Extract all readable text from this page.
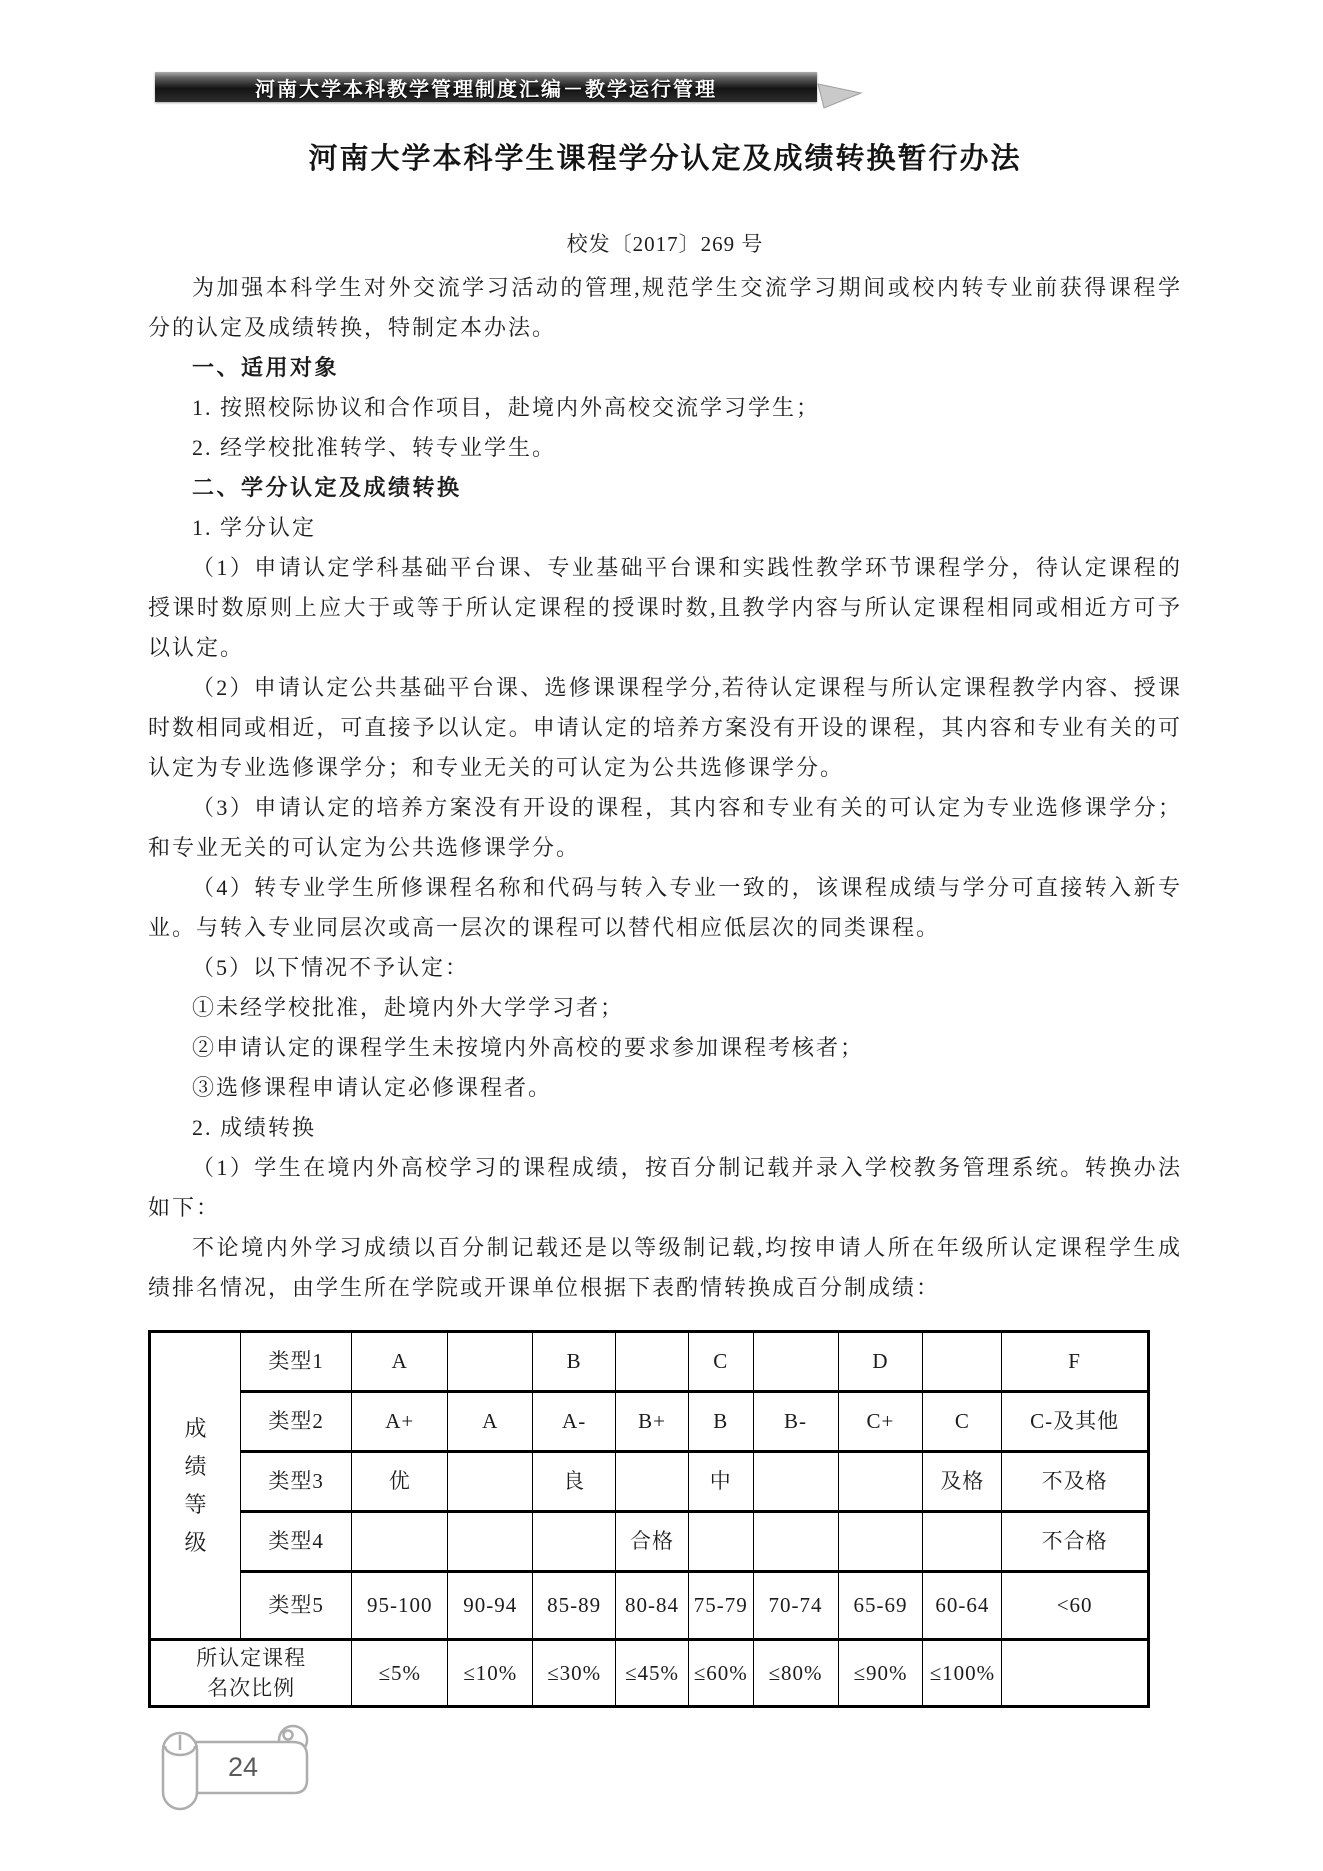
河南大学本科教学管理制度汇编－教学运行管理
河南大学本科学生课程学分认定及成绩转换暂行办法
校发〔2017〕269 号

为加强本科学生对外交流学习活动的管理,规范学生交流学习期间或校内转专业前获得课程学分的认定及成绩转换，特制定本办法。

一、适用对象

1. 按照校际协议和合作项目，赴境内外高校交流学习学生；

2. 经学校批准转学、转专业学生。

二、学分认定及成绩转换

1. 学分认定

（1）申请认定学科基础平台课、专业基础平台课和实践性教学环节课程学分，待认定课程的授课时数原则上应大于或等于所认定课程的授课时数,且教学内容与所认定课程相同或相近方可予以认定。

（2）申请认定公共基础平台课、选修课课程学分,若待认定课程与所认定课程教学内容、授课时数相同或相近，可直接予以认定。申请认定的培养方案没有开设的课程，其内容和专业有关的可认定为专业选修课学分；和专业无关的可认定为公共选修课学分。

（3）申请认定的培养方案没有开设的课程，其内容和专业有关的可认定为专业选修课学分；和专业无关的可认定为公共选修课学分。

（4）转专业学生所修课程名称和代码与转入专业一致的，该课程成绩与学分可直接转入新专业。与转入专业同层次或高一层次的课程可以替代相应低层次的同类课程。

（5）以下情况不予认定：

①未经学校批准，赴境内外大学学习者；

②申请认定的课程学生未按境内外高校的要求参加课程考核者；

③选修课程申请认定必修课程者。

2. 成绩转换

（1）学生在境内外高校学习的课程成绩，按百分制记载并录入学校教务管理系统。转换办法如下：

不论境内外学习成绩以百分制记载还是以等级制记载,均按申请人所在年级所认定课程学生成绩排名情况，由学生所在学院或开课单位根据下表酌情转换成百分制成绩：

成绩等级	类型1	A		B		C		D		F
	类型2	A+	A	A-	B+	B	B-	C+	C	C-及其他
	类型3	优		良		中			及格	不及格
	类型4				合格					不合格
	类型5	95-100	90-94	85-89	80-84	75-79	70-74	65-69	60-64	<60
所认定课程名次比例		≤5%	≤10%	≤30%	≤45%	≤60%	≤80%	≤90%	≤100%	
24
